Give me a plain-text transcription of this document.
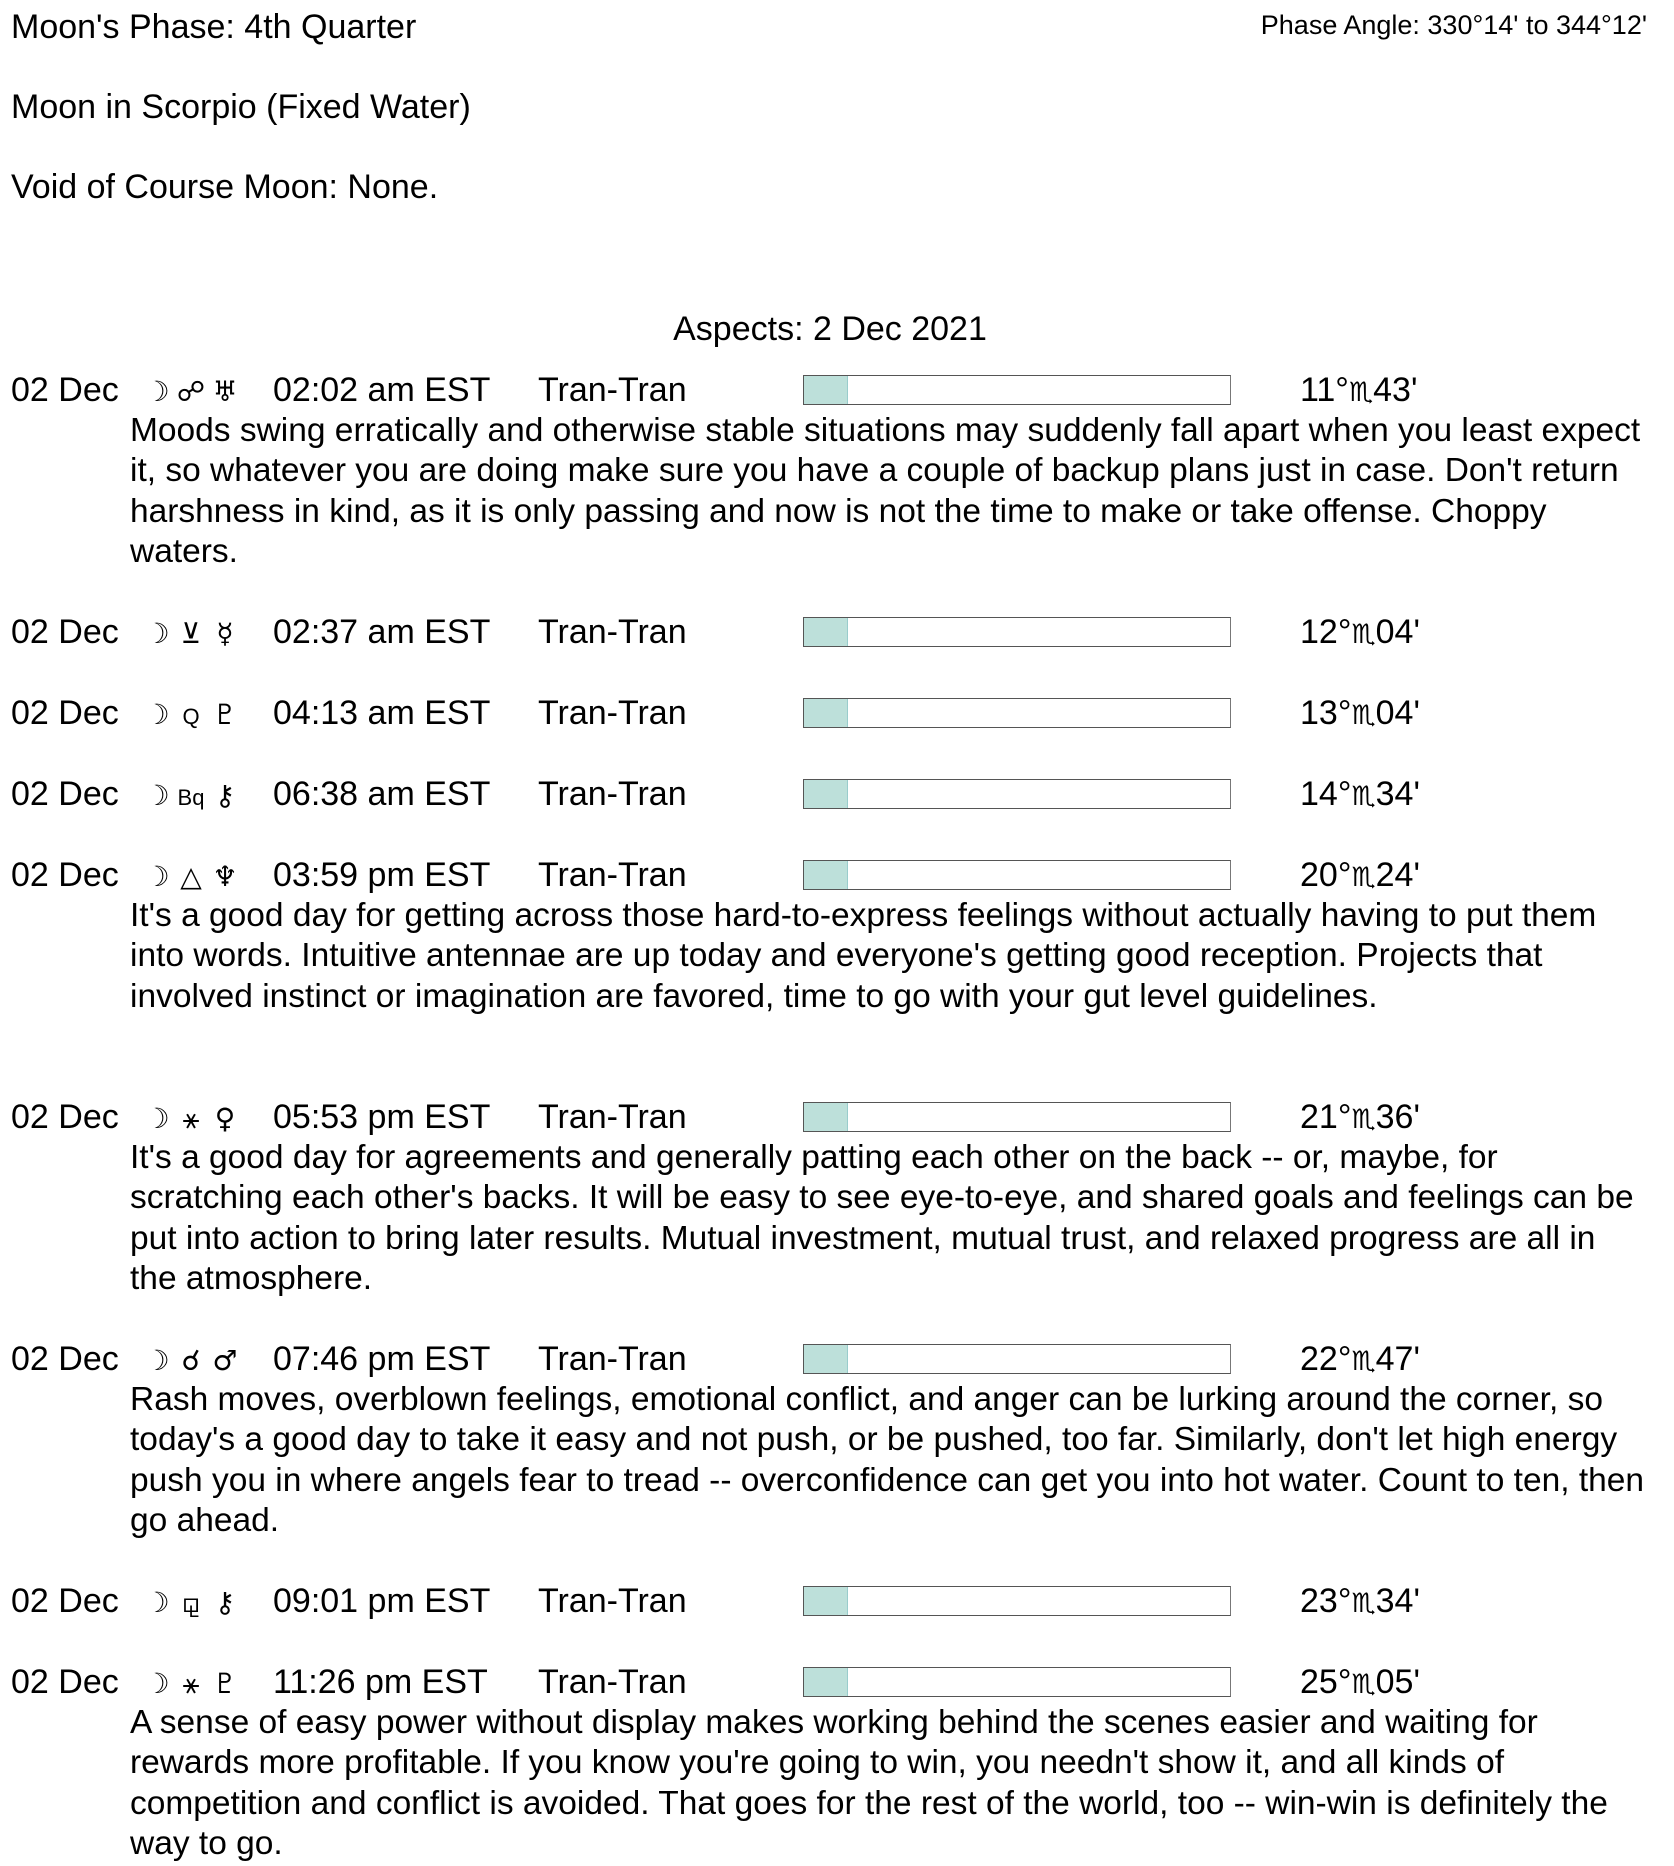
Moon's Phase: 4th Quarter	Phase Angle: 330°14' to 344°12'
Moon in Scorpio (Fixed Water)
Void of Course Moon: None.
Aspects: 2 Dec 2021
02 Dec ☽ ☍ ♅ 02:02 am EST Tran-Tran	11°♏43'
Moods swing erratically and otherwise stable situations may suddenly fall apart when you least expect it, so whatever you are doing make sure you have a couple of backup plans just in case. Don't return harshness in kind, as it is only passing and now is not the time to make or take offense. Choppy waters.
02 Dec ☽ ⊻ ☿ 02:37 am EST Tran-Tran	12°♏04'
02 Dec ☽ Q ♇ 04:13 am EST Tran-Tran	13°♏04'
02 Dec ☽ Bq ⚷ 06:38 am EST Tran-Tran	14°♏34'
02 Dec ☽ △ ♆ 03:59 pm EST Tran-Tran	20°♏24'
It's a good day for getting across those hard-to-express feelings without actually having to put them into words. Intuitive antennae are up today and everyone's getting good reception. Projects that involved instinct or imagination are favored, time to go with your gut level guidelines.
02 Dec ☽ ⚹ ♀ 05:53 pm EST Tran-Tran	21°♏36'
It's a good day for agreements and generally patting each other on the back -- or, maybe, for scratching each other's backs. It will be easy to see eye-to-eye, and shared goals and feelings can be put into action to bring later results. Mutual investment, mutual trust, and relaxed progress are all in the atmosphere.
02 Dec ☽ ☌ ♂ 07:46 pm EST Tran-Tran	22°♏47'
Rash moves, overblown feelings, emotional conflict, and anger can be lurking around the corner, so today's a good day to take it easy and not push, or be pushed, too far. Similarly, don't let high energy push you in where angels fear to tread -- overconfidence can get you into hot water. Count to ten, then go ahead.
02 Dec ☽ ⚼ ⚷ 09:01 pm EST Tran-Tran	23°♏34'
02 Dec ☽ ⚹ ♇ 11:26 pm EST Tran-Tran	25°♏05'
A sense of easy power without display makes working behind the scenes easier and waiting for rewards more profitable. If you know you're going to win, you needn't show it, and all kinds of competition and conflict is avoided. That goes for the rest of the world, too -- win-win is definitely the way to go.
